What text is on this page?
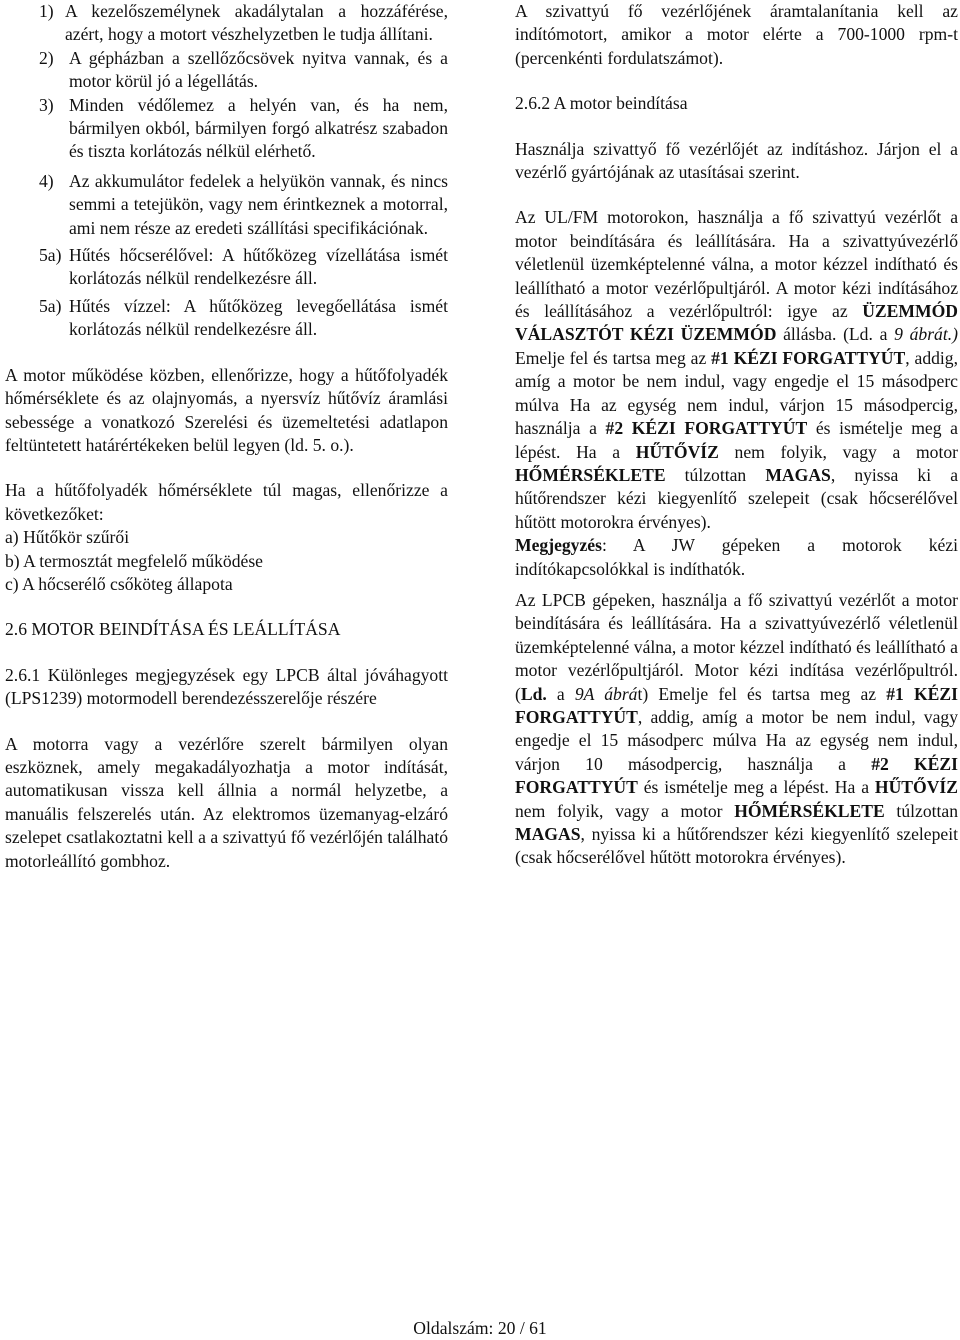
1) A kezelőszemélynek akadálytalan a hozzáférése, azért, hogy a motort vészhelyzetben le tudja állítani.

2) A gépházban a szellőzőcsövek nyitva vannak, és a motor körül jó a légellátás.

3) Minden védőlemez a helyén van, és ha nem, bármilyen okból, bármilyen forgó alkatrész szabadon és tiszta korlátozás nélkül elérhető.

4) Az akkumulátor fedelek a helyükön vannak, és nincs semmi a tetejükön, vagy nem érintkeznek a motorral, ami nem része az eredeti szállítási specifikációnak.

5a) Hűtés hőcserélővel: A hűtőközeg vízellátása ismét korlátozás nélkül rendelkezésre áll.

5a) Hűtés vízzel: A hűtőközeg levegőellátása ismét korlátozás nélkül rendelkezésre áll.

A motor működése közben, ellenőrizze, hogy a hűtőfolyadék hőmérséklete és az olajnyomás, a nyersvíz hűtővíz áramlási sebessége a vonatkozó Szerelési és üzemeltetési adatlapon feltüntetett határértékeken belül legyen (ld. 5. o.).

Ha a hűtőfolyadék hőmérséklete túl magas, ellenőrizze a következőket:

a) Hűtőkör szűrői

b) A termosztát megfelelő működése

c) A hőcserélő csőköteg állapota

2.6 MOTOR BEINDÍTÁSA ÉS LEÁLLÍTÁSA

2.6.1 Különleges megjegyzések egy LPCB által jóváhagyott (LPS1239) motormodell berendezésszerelője részére

A motorra vagy a vezérlőre szerelt bármilyen olyan eszköznek, amely megakadályozhatja a motor indítását, automatikusan vissza kell állnia a normál helyzetbe, a manuális felszerelés után. Az elektromos üzemanyag-elzáró szelepet csatlakoztatni kell a a szivattyú fő vezérlőjén található motorleállító gombhoz.

A szivattyú fő vezérlőjének áramtalanítania kell az indítómotort, amikor a motor elérte a 700-1000 rpm-t (percenkénti fordulatszámot).

2.6.2 A motor beindítása

Használja szivattyő fő vezérlőjét az indításhoz. Járjon el a vezérlő gyártójának az utasításai szerint.

Az UL/FM motorokon, használja a fő szivattyú vezérlőt a motor beindítására és leállítására. Ha a szivattyúvezérlő véletlenül üzemképtelenné válna, a motor kézzel indítható és leállítható a motor vezérlőpultjáról. A motor kézi indításához és leállításához a vezérlőpultról: igye az ÜZEMMÓD VÁLASZTÓT KÉZI ÜZEMMÓD állásba. (Ld. a 9 ábrát.) Emelje fel és tartsa meg az #1 KÉZI FORGATTYÚT, addig, amíg a motor be nem indul, vagy engedje el 15 másodperc múlva Ha az egység nem indul, várjon 15 másodpercig, használja a #2 KÉZI FORGATTYÚT és ismételje meg a lépést. Ha a HŰTŐVÍZ nem folyik, vagy a motor HŐMÉRSÉKLETE túlzottan MAGAS, nyissa ki a hűtőrendszer kézi kiegyenlítő szelepeit (csak hőcserélővel hűtött motorokra érvényes).

Megjegyzés: A JW gépeken a motorok kézi indítókapcsolókkal is indíthatók.

Az LPCB gépeken, használja a fő szivattyú vezérlőt a motor beindítására és leállítására. Ha a szivattyúvezérlő véletlenül üzemképtelenné válna, a motor kézzel indítható és leállítható a motor vezérlőpultjáról. Motor kézi indítása vezérlőpultról. (Ld. a 9A ábrát) Emelje fel és tartsa meg az #1 KÉZI FORGATTYÚT, addig, amíg a motor be nem indul, vagy engedje el 15 másodperc múlva Ha az egység nem indul, várjon 10 másodpercig, használja a #2 KÉZI FORGATTYÚT és ismételje meg a lépést. Ha a HŰTŐVÍZ nem folyik, vagy a motor HŐMÉRSÉKLETE túlzottan MAGAS, nyissa ki a hűtőrendszer kézi kiegyenlítő szelepeit (csak hőcserélővel hűtött motorokra érvényes).

Oldalszám: 20 / 61
